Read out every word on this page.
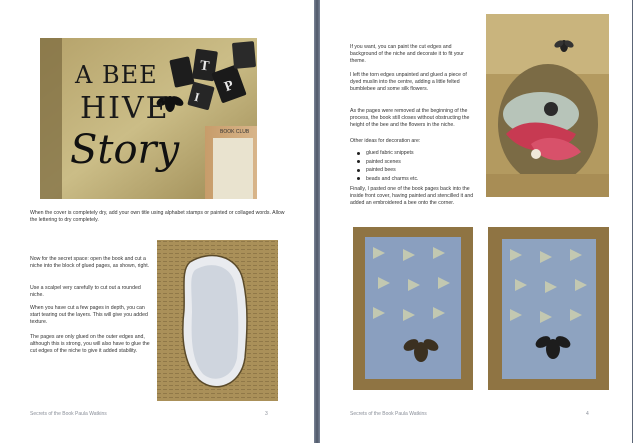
T
P
I
A BEE
HIVE
Story	BOOK CLUB
When the cover is completely dry, add your own title using alphabet stamps or painted or collaged words. Allow the lettering to dry completely.
Now for the secret space: open the book and cut a niche into the block of glued pages, as shown, right.
Use a scalpel very carefully to cut out a rounded niche.
When you have cut a few pages in depth, you can start tearing out the layers. This will give you added texture.
The pages are only glued on the outer edges and, although this is strong, you will also have to glue the cut edges of the niche to give it added stability.
Secrets of the Book Paula Watkins	3
If you want, you can paint the cut edges and background of the niche and decorate it to fit your theme.
I left the torn edges unpainted and glued a piece of dyed muslin into the centre, adding a little felted bumblebee and some silk flowers.
As the pages were removed at the beginning of the process, the book still closes without obstructing the height of the bee and the flowers in the niche.
Other ideas for decoration are:
glued fabric snippets
painted scenes
painted bees
beads and charms etc.
Finally, I pasted one of the book pages back into the inside front cover, having painted and stencilled it and added an embroidered a bee onto the corner.
Secrets of the Book Paula Watkins	4
